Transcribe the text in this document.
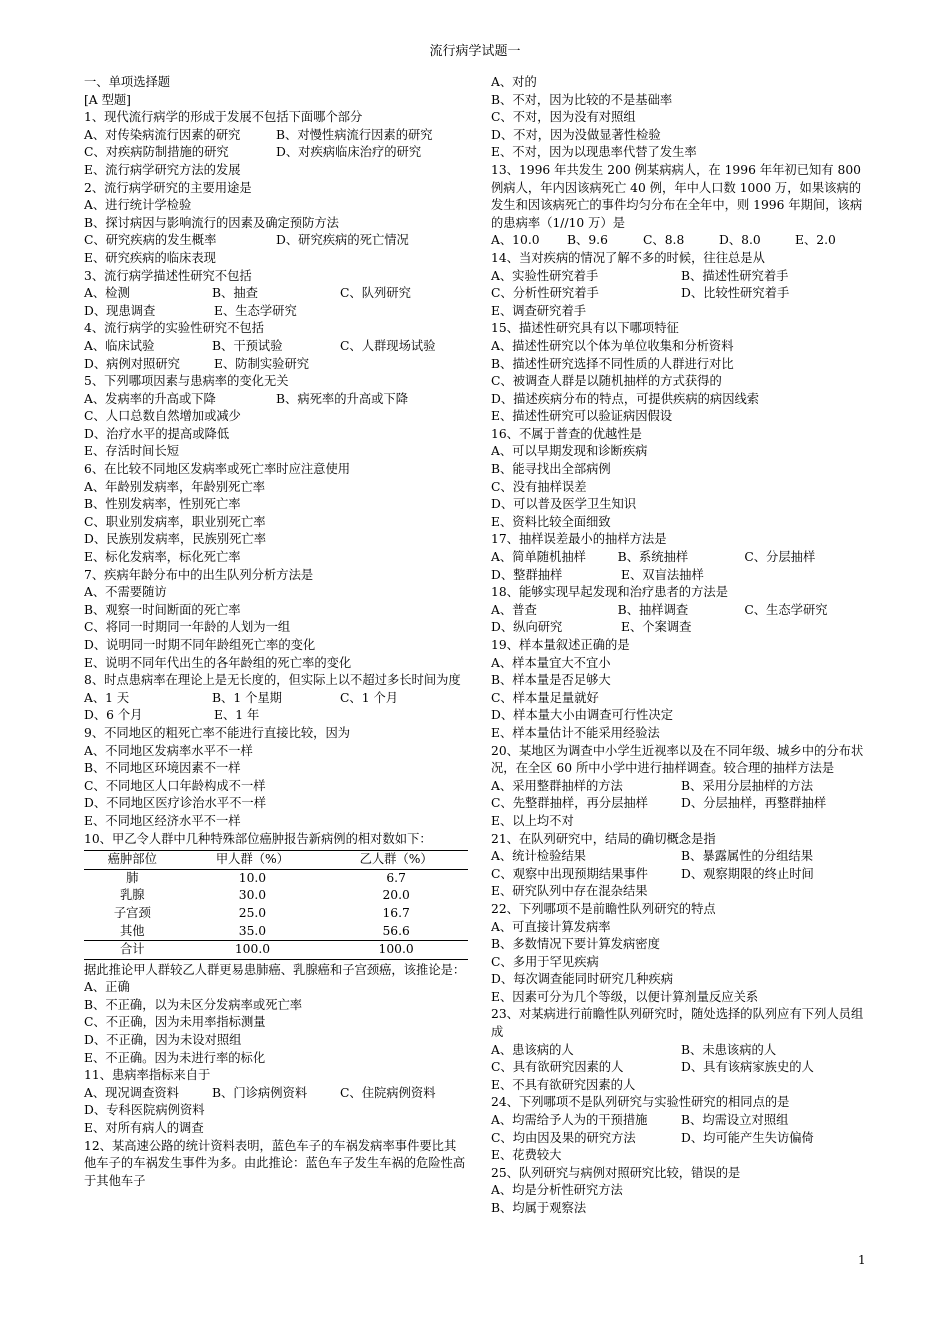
流行病学试题一
一、单项选择题
[A 型题]
1、现代流行病学的形成于发展不包括下面哪个部分
A、对传染病流行因素的研究	B、对慢性病流行因素的研究
C、对疾病防制措施的研究	D、对疾病临床治疗的研究
E、流行病学研究方法的发展
2、流行病学研究的主要用途是
A、进行统计学检验
B、探讨病因与影响流行的因素及确定预防方法
C、研究疾病的发生概率	D、研究疾病的死亡情况
E、研究疾病的临床表现
3、流行病学描述性研究不包括
A、检测	B、抽查	C、队列研究
D、现患调查	E、生态学研究
4、流行病学的实验性研究不包括
A、临床试验	B、干预试验	C、人群现场试验
D、病例对照研究	E、防制实验研究
5、下列哪项因素与患病率的变化无关
A、发病率的升高或下降	B、病死率的升高或下降
C、人口总数自然增加或减少
D、治疗水平的提高或降低
E、存活时间长短
6、在比较不同地区发病率或死亡率时应注意使用
A、年龄别发病率，年龄别死亡率
B、性别发病率，性别死亡率
C、职业别发病率，职业别死亡率
D、民族别发病率，民族别死亡率
E、标化发病率，标化死亡率
7、疾病年龄分布中的出生队列分析方法是
A、不需要随访
B、观察一时间断面的死亡率
C、将同一时期同一年龄的人划为一组
D、说明同一时期不同年龄组死亡率的变化
E、说明不同年代出生的各年龄组的死亡率的变化
8、时点患病率在理论上是无长度的，但实际上以不超过多长时间为度
A、1 天	B、1 个星期	C、1 个月
D、6 个月	E、1 年
9、不同地区的粗死亡率不能进行直接比较，因为
A、不同地区发病率水平不一样
B、不同地区环境因素不一样
C、不同地区人口年龄构成不一样
D、不同地区医疗诊治水平不一样
E、不同地区经济水平不一样
10、甲乙令人群中几种特殊部位癌肿报告新病例的相对数如下：
癌肿部位	甲人群（%）	乙人群（%）
肺	10.0	6.7
乳腺	30.0	20.0
子宫颈	25.0	16.7
其他	35.0	56.6
合计	100.0	100.0
据此推论甲人群较乙人群更易患肺癌、乳腺癌和子宫颈癌，该推论是：
A、正确
B、不正确，以为未区分发病率或死亡率
C、不正确，因为未用率指标测量
D、不正确，因为未设对照组
E、不正确。因为未进行率的标化
11、患病率指标来自于
A、现况调查资料	B、门诊病例资料	C、住院病例资料
D、专科医院病例资料
E、对所有病人的调查
12、某高速公路的统计资料表明，蓝色车子的车祸发病率事件要比其他车子的车祸发生事件为多。由此推论：蓝色车子发生车祸的危险性高于其他车子
A、对的
B、不对，因为比较的不是基础率
C、不对，因为没有对照组
D、不对，因为没做显著性检验
E、不对，因为以现患率代替了发生率
13、1996 年共发生 200 例某病病人，在 1996 年年初已知有 800 例病人，年内因该病死亡 40 例，年中人口数 1000 万，如果该病的发生和因该病死亡的事件均匀分布在全年中，则 1996 年期间，该病的患病率（1//10 万）是
A、10.0	B、9.6	C、8.8	D、8.0	E、2.0
14、当对疾病的情况了解不多的时候，往往总是从
A、实验性研究着手	B、描述性研究着手
C、分析性研究着手	D、比较性研究着手
E、调查研究着手
15、描述性研究具有以下哪项特征
A、描述性研究以个体为单位收集和分析资料
B、描述性研究选择不同性质的人群进行对比
C、被调查人群是以随机抽样的方式获得的
D、描述疾病分布的特点，可提供疾病的病因线索
E、描述性研究可以验证病因假设
16、不属于普查的优越性是
A、可以早期发现和诊断疾病
B、能寻找出全部病例
C、没有抽样误差
D、可以普及医学卫生知识
E、资料比较全面细致
17、抽样误差最小的抽样方法是
A、简单随机抽样	B、系统抽样	C、分层抽样
D、整群抽样	E、双盲法抽样
18、能够实现早起发现和治疗患者的方法是
A、普查	B、抽样调查	C、生态学研究
D、纵向研究	E、个案调查
19、样本量叙述正确的是
A、样本量宜大不宜小
B、样本量是否足够大
C、样本量足量就好
D、样本量大小由调查可行性决定
E、样本量估计不能采用经验法
20、某地区为调查中小学生近视率以及在不同年级、城乡中的分布状况，在全区 60 所中小学中进行抽样调查。较合理的抽样方法是
A、采用整群抽样的方法	B、采用分层抽样的方法
C、先整群抽样，再分层抽样	D、分层抽样，再整群抽样
E、以上均不对
21、在队列研究中，结局的确切概念是指
A、统计检验结果	B、暴露属性的分组结果
C、观察中出现预期结果事件	D、观察期限的终止时间
E、研究队列中存在混杂结果
22、下列哪项不是前瞻性队列研究的特点
A、可直接计算发病率
B、多数情况下要计算发病密度
C、多用于罕见疾病
D、每次调查能同时研究几种疾病
E、因素可分为几个等级，以便计算剂量反应关系
23、对某病进行前瞻性队列研究时，随处选择的队列应有下列人员组成
A、患该病的人	B、未患该病的人
C、具有欲研究因素的人	D、具有该病家族史的人
E、不具有欲研究因素的人
24、下列哪项不是队列研究与实验性研究的相同点的是
A、均需给予人为的干预措施	B、均需设立对照组
C、均由因及果的研究方法	D、均可能产生失访偏倚
E、花费较大
25、队列研究与病例对照研究比较，错误的是
A、均是分析性研究方法
B、均属于观察法
1
